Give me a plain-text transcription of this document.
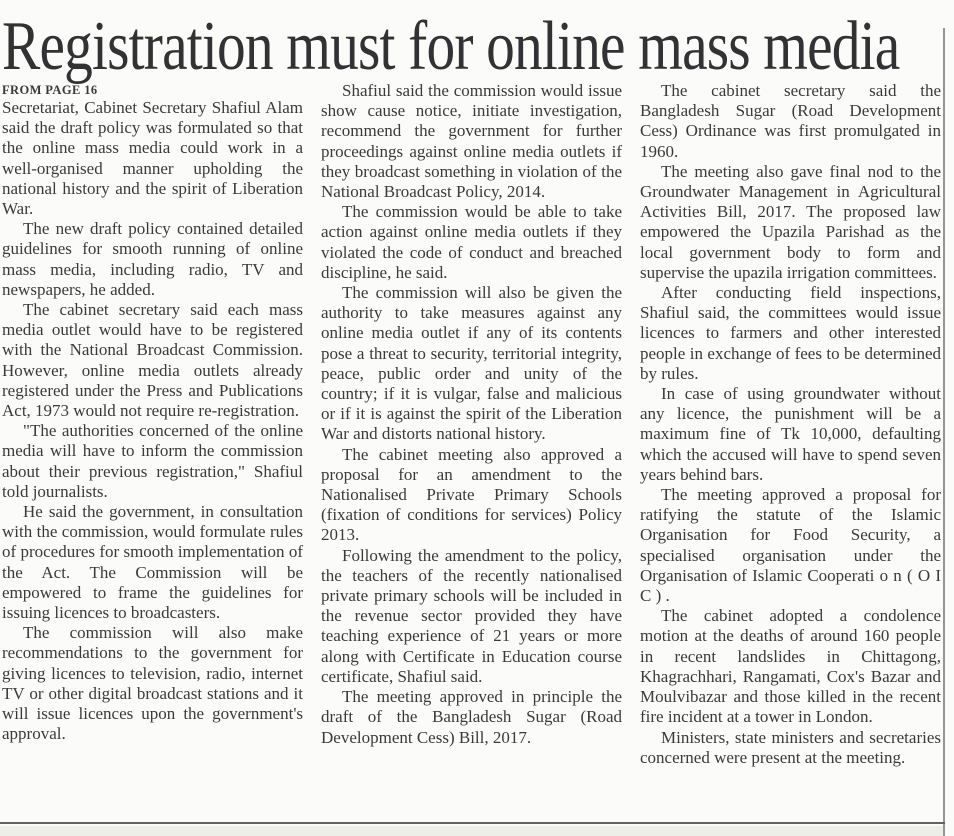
Registration must for online mass media
FROM PAGE 16

Secretariat, Cabinet Secretary Shafiul Alam said the draft policy was formulated so that the online mass media could work in a well-organised manner upholding the national history and the spirit of Liberation War.

The new draft policy contained detailed guidelines for smooth running of online mass media, including radio, TV and newspapers, he added.

The cabinet secretary said each mass media outlet would have to be registered with the National Broadcast Commission. However, online media outlets already registered under the Press and Publications Act, 1973 would not require re-registration.

"The authorities concerned of the online media will have to inform the commission about their previous registration," Shafiul told journalists.

He said the government, in consultation with the commission, would formulate rules of procedures for smooth implementation of the Act. The Commission will be empowered to frame the guidelines for issuing licences to broadcasters.

The commission will also make recommendations to the government for giving licences to television, radio, internet TV or other digital broadcast stations and it will issue licences upon the government's approval.

Shafiul said the commission would issue show cause notice, initiate investigation, recommend the government for further proceedings against online media outlets if they broadcast something in violation of the National Broadcast Policy, 2014.

The commission would be able to take action against online media outlets if they violated the code of conduct and breached discipline, he said.

The commission will also be given the authority to take measures against any online media outlet if any of its contents pose a threat to security, territorial integrity, peace, public order and unity of the country; if it is vulgar, false and malicious or if it is against the spirit of the Liberation War and distorts national history.

The cabinet meeting also approved a proposal for an amendment to the Nationalised Private Primary Schools (fixation of conditions for services) Policy 2013.

Following the amendment to the policy, the teachers of the recently nationalised private primary schools will be included in the revenue sector provided they have teaching experience of 21 years or more along with Certificate in Education course certificate, Shafiul said.

The meeting approved in principle the draft of the Bangladesh Sugar (Road Development Cess) Bill, 2017.

The cabinet secretary said the Bangladesh Sugar (Road Development Cess) Ordinance was first promulgated in 1960.

The meeting also gave final nod to the Groundwater Management in Agricultural Activities Bill, 2017. The proposed law empowered the Upazila Parishad as the local government body to form and supervise the upazila irrigation committees.

After conducting field inspections, Shafiul said, the committees would issue licences to farmers and other interested people in exchange of fees to be determined by rules.

In case of using groundwater without any licence, the punishment will be a maximum fine of Tk 10,000, defaulting which the accused will have to spend seven years behind bars.

The meeting approved a proposal for ratifying the statute of the Islamic Organisation for Food Security, a specialised organisation under the Organisation of Islamic Cooperati o n ( O I C ) .

The cabinet adopted a condolence motion at the deaths of around 160 people in recent landslides in Chittagong, Khagrachhari, Rangamati, Cox's Bazar and Moulvibazar and those killed in the recent fire incident at a tower in London.

Ministers, state ministers and secretaries concerned were present at the meeting.
